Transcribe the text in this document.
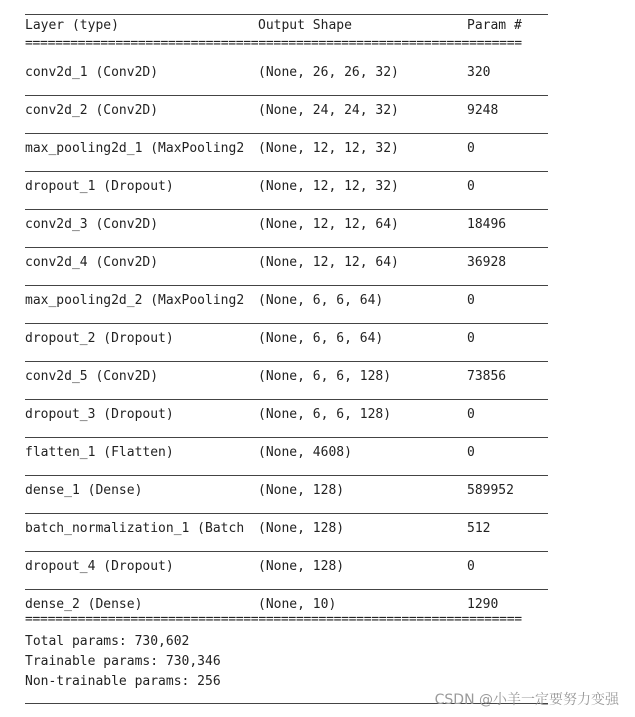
Layer (type)	Output Shape	Param #
==================================================================
conv2d_1 (Conv2D)	(None, 26, 26, 32)	320
conv2d_2 (Conv2D)	(None, 24, 24, 32)	9248
max_pooling2d_1 (MaxPooling2	(None, 12, 12, 32)	0
dropout_1 (Dropout)	(None, 12, 12, 32)	0
conv2d_3 (Conv2D)	(None, 12, 12, 64)	18496
conv2d_4 (Conv2D)	(None, 12, 12, 64)	36928
max_pooling2d_2 (MaxPooling2	(None, 6, 6, 64)	0
dropout_2 (Dropout)	(None, 6, 6, 64)	0
conv2d_5 (Conv2D)	(None, 6, 6, 128)	73856
dropout_3 (Dropout)	(None, 6, 6, 128)	0
flatten_1 (Flatten)	(None, 4608)	0
dense_1 (Dense)	(None, 128)	589952
batch_normalization_1 (Batch	(None, 128)	512
dropout_4 (Dropout)	(None, 128)	0
dense_2 (Dense)	(None, 10)	1290
==================================================================
Total params: 730,602
Trainable params: 730,346
Non-trainable params: 256
CSDN @小羊一定要努力变强
